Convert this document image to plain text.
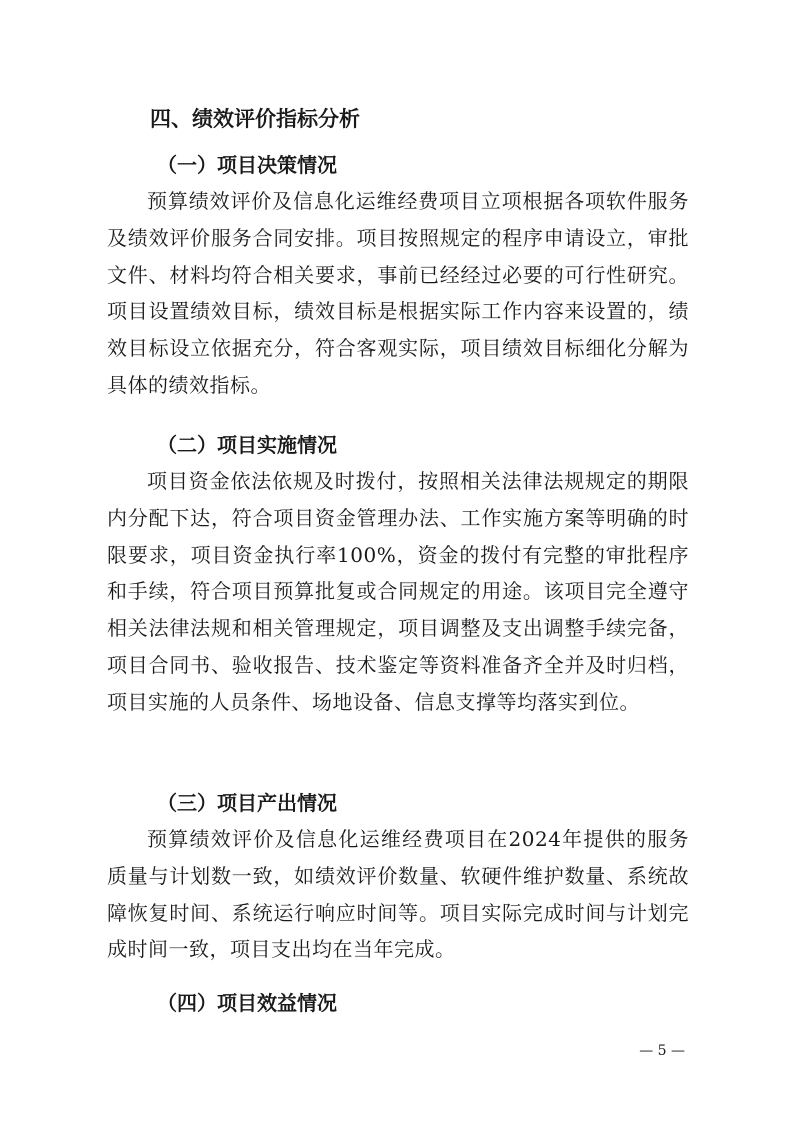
四、绩效评价指标分析
（一）项目决策情况

预算绩效评价及信息化运维经费项目立项根据各项软件服务及绩效评价服务合同安排。项目按照规定的程序申请设立，审批文件、材料均符合相关要求，事前已经经过必要的可行性研究。项目设置绩效目标，绩效目标是根据实际工作内容来设置的，绩效目标设立依据充分，符合客观实际，项目绩效目标细化分解为具体的绩效指标。

（二）项目实施情况

项目资金依法依规及时拨付，按照相关法律法规规定的期限内分配下达，符合项目资金管理办法、工作实施方案等明确的时限要求，项目资金执行率100%，资金的拨付有完整的审批程序和手续，符合项目预算批复或合同规定的用途。该项目完全遵守相关法律法规和相关管理规定，项目调整及支出调整手续完备，项目合同书、验收报告、技术鉴定等资料准备齐全并及时归档，项目实施的人员条件、场地设备、信息支撑等均落实到位。

（三）项目产出情况

预算绩效评价及信息化运维经费项目在2024年提供的服务质量与计划数一致，如绩效评价数量、软硬件维护数量、系统故障恢复时间、系统运行响应时间等。项目实际完成时间与计划完成时间一致，项目支出均在当年完成。

（四）项目效益情况
— 5 —
